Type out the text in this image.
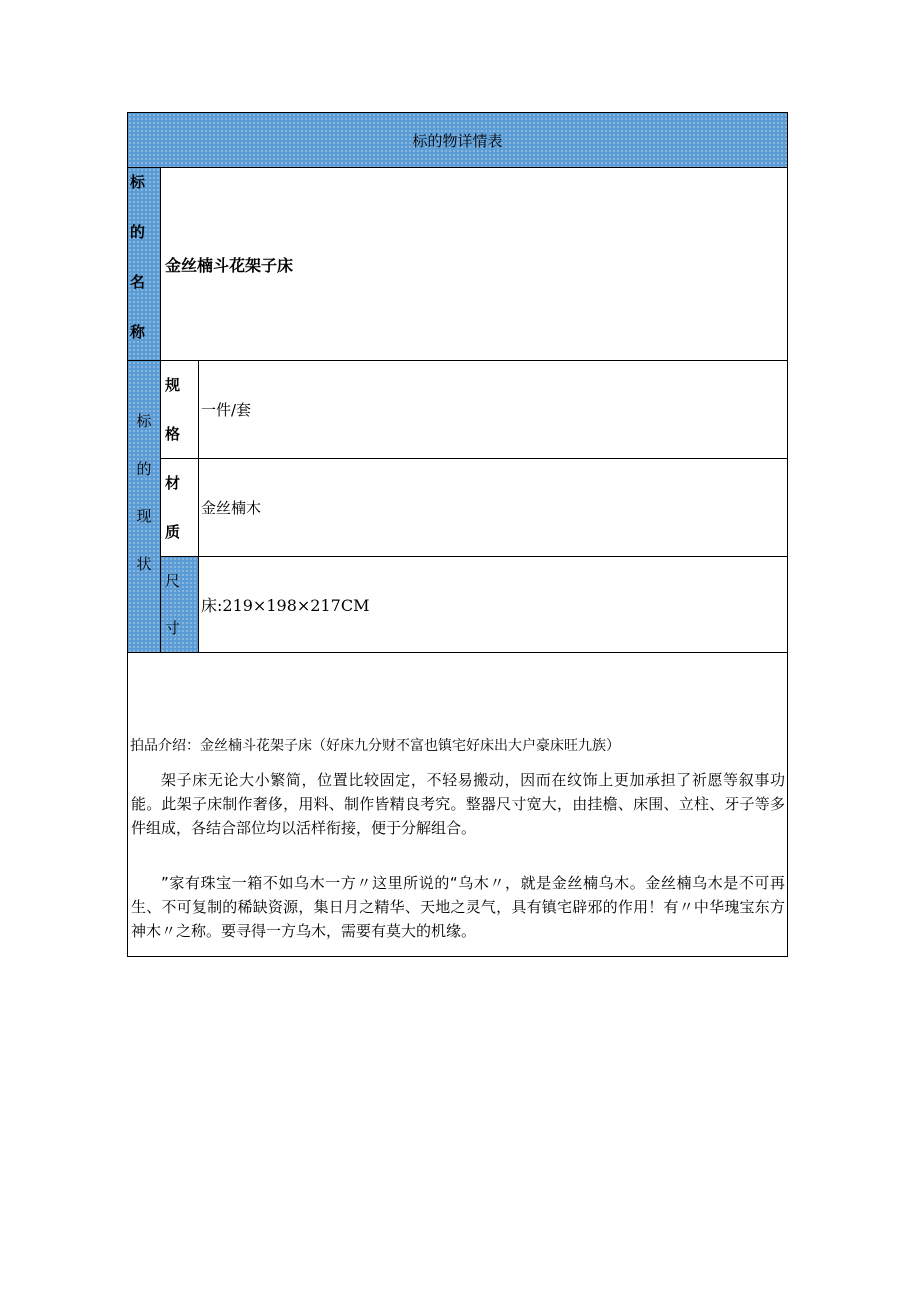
标的物详情表
标
的
名
称
金丝楠斗花架子床
标
的
现
状
规
格
一件/套
材
质
金丝楠木
尺
寸
床:219×198×217CM
拍品介绍：金丝楠斗花架子床（好床九分财不富也镇宅好床出大户豪床旺九族）

架子床无论大小繁简，位置比较固定，不轻易搬动，因而在纹饰上更加承担了祈愿等叙事功能。此架子床制作奢侈，用料、制作皆精良考究。整器尺寸宽大，由挂檐、床围、立柱、牙子等多件组成，各结合部位均以活样衔接，便于分解组合。

”家有珠宝一箱不如乌木一方〃这里所说的“乌木〃，就是金丝楠乌木。金丝楠乌木是不可再生、不可复制的稀缺资源，集日月之精华、天地之灵气，具有镇宅辟邪的作用！有〃中华瑰宝东方神木〃之称。要寻得一方乌木，需要有莫大的机缘。
